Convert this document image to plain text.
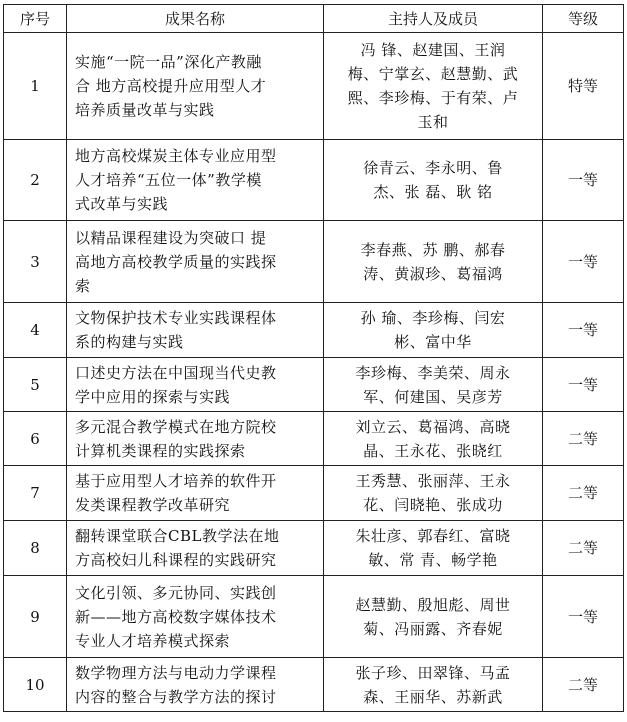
序号	成果名称	主持人及成员	等级
1	实施“一院一品”深化产教融
合 地方高校提升应用型人才
培养质量改革与实践	冯 锋、赵建国、王润
梅、宁掌玄、赵慧勤、武
熙、李珍梅、于有荣、卢
玉和	特等
2	地方高校煤炭主体专业应用型
人才培养“五位一体”教学模
式改革与实践	徐青云、李永明、鲁
杰、张 磊、耿 铭	一等
3	以精品课程建设为突破口 提
高地方高校教学质量的实践探
索	李春燕、苏 鹏、郝春
涛、黄淑珍、葛福鸿	一等
4	文物保护技术专业实践课程体
系的构建与实践	孙 瑜、李珍梅、闫宏
彬、富中华	一等
5	口述史方法在中国现当代史教
学中应用的探索与实践	李珍梅、李美荣、周永
军、何建国、吴彦芳	一等
6	多元混合教学模式在地方院校
计算机类课程的实践探索	刘立云、葛福鸿、高晓
晶、王永花、张晓红	二等
7	基于应用型人才培养的软件开
发类课程教学改革研究	王秀慧、张丽萍、王永
花、闫晓艳、张成功	二等
8	翻转课堂联合CBL教学法在地
方高校妇儿科课程的实践研究	朱壮彦、郭春红、富晓
敏、常 青、畅学艳	二等
9	文化引领、多元协同、实践创
新——地方高校数字媒体技术
专业人才培养模式探索	赵慧勤、殷旭彪、周世
菊、冯丽露、齐春妮	一等
10	数学物理方法与电动力学课程
内容的整合与教学方法的探讨	张子珍、田翠锋、马孟
森、王丽华、苏新武	二等
